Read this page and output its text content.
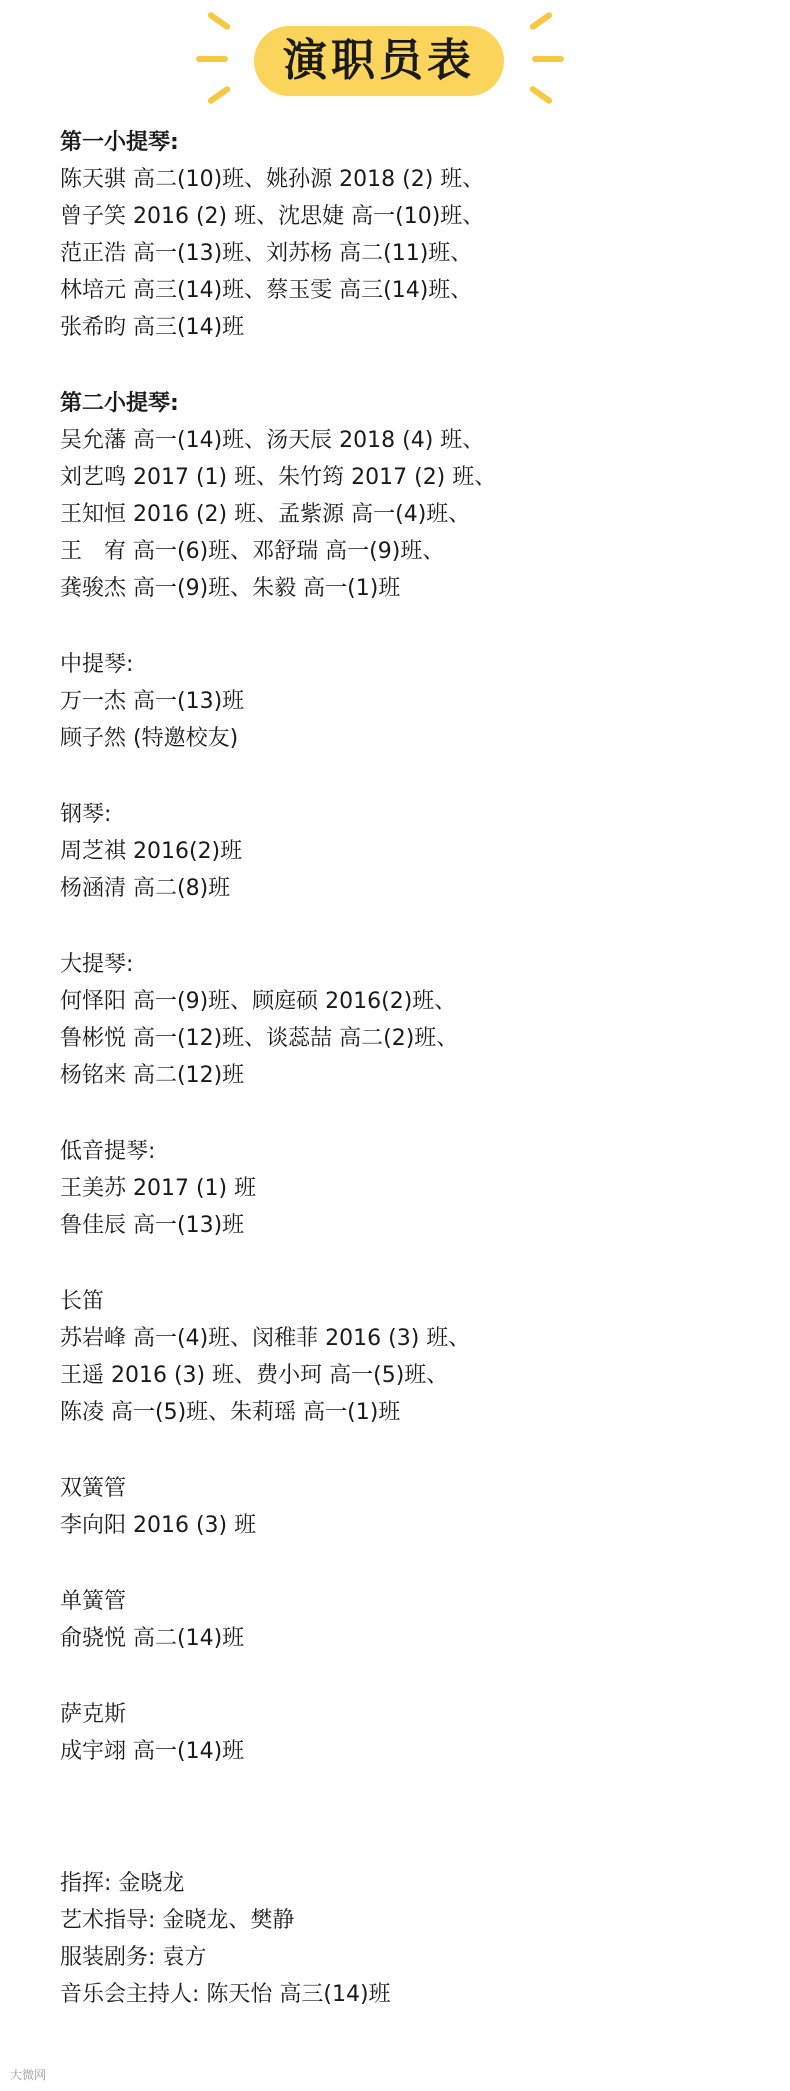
演职员表
第一小提琴:
陈天骐 高二(10)班、姚孙源 2018 (2) 班、
曾子笑 2016 (2) 班、沈思婕 高一(10)班、
范正浩 高一(13)班、刘苏杨 高二(11)班、
林培元 高三(14)班、蔡玉雯 高三(14)班、
张希昀 高三(14)班
第二小提琴:
吴允藩 高一(14)班、汤天辰 2018 (4) 班、
刘艺鸣 2017 (1) 班、朱竹筠 2017 (2) 班、
王知恒 2016 (2) 班、孟紫源 高一(4)班、
王　宥 高一(6)班、邓舒瑞 高一(9)班、
龚骏杰 高一(9)班、朱毅 高一(1)班
中提琴:
万一杰 高一(13)班
顾子然 (特邀校友)
钢琴:
周芝祺 2016(2)班
杨涵清 高二(8)班
大提琴:
何怿阳 高一(9)班、顾庭硕 2016(2)班、
鲁彬悦 高一(12)班、谈蕊喆 高二(2)班、
杨铭来 高二(12)班
低音提琴:
王美苏 2017 (1) 班
鲁佳辰 高一(13)班
长笛
苏岩峰 高一(4)班、闵稚菲 2016 (3) 班、
王遥 2016 (3) 班、费小珂 高一(5)班、
陈凌 高一(5)班、朱莉瑶 高一(1)班
双簧管
李向阳 2016 (3) 班
单簧管
俞骁悦 高二(14)班
萨克斯
成宇翊 高一(14)班
指挥: 金晓龙
艺术指导: 金晓龙、樊静
服装剧务: 袁方
音乐会主持人: 陈天怡 高三(14)班
大微网
